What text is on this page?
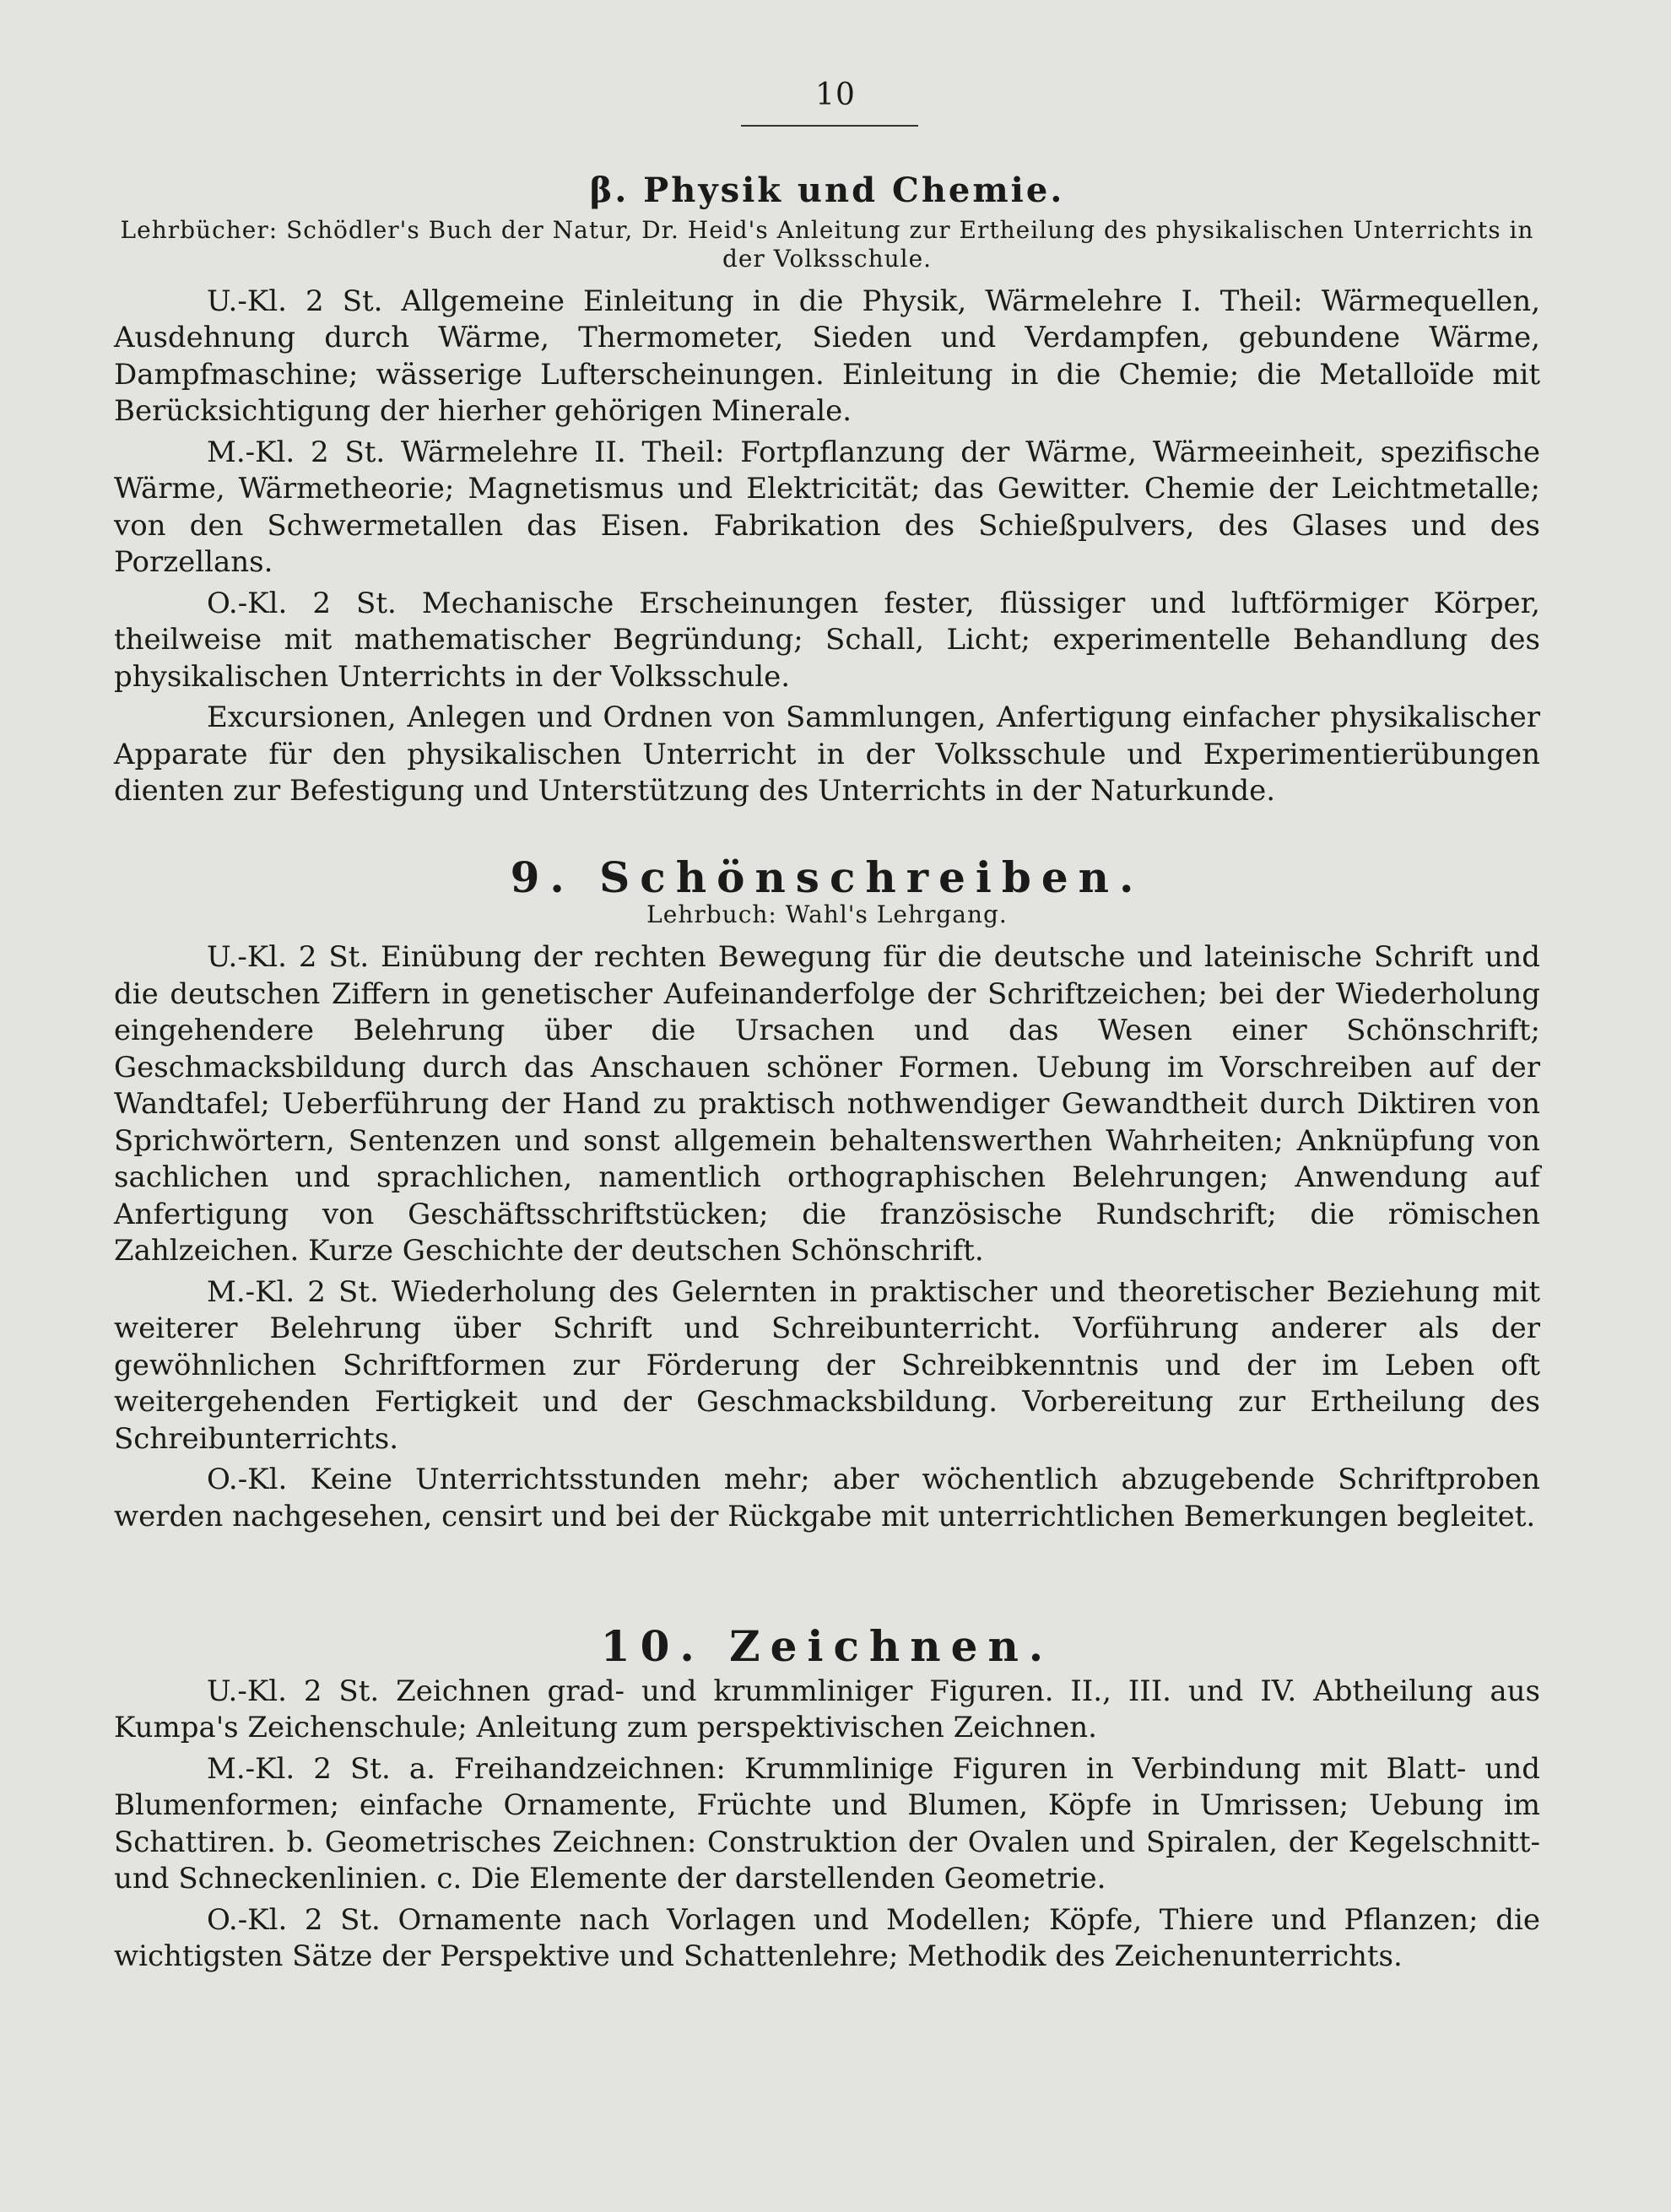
10
β. Physik und Chemie.
Lehrbücher: Schödler's Buch der Natur, Dr. Heid's Anleitung zur Ertheilung des physikalischen Unterrichts in der Volksschule.

U.-Kl. 2 St. Allgemeine Einleitung in die Physik, Wärmelehre I. Theil: Wärmequellen, Ausdehnung durch Wärme, Thermometer, Sieden und Verdampfen, gebundene Wärme, Dampfmaschine; wässerige Lufterscheinungen. Einleitung in die Chemie; die Metalloïde mit Berücksichtigung der hierher gehörigen Minerale.

M.-Kl. 2 St. Wärmelehre II. Theil: Fortpflanzung der Wärme, Wärmeeinheit, spezifische Wärme, Wärmetheorie; Magnetismus und Elektricität; das Gewitter. Chemie der Leichtmetalle; von den Schwermetallen das Eisen. Fabrikation des Schießpulvers, des Glases und des Porzellans.

O.-Kl. 2 St. Mechanische Erscheinungen fester, flüssiger und luftförmiger Körper, theilweise mit mathematischer Begründung; Schall, Licht; experimentelle Behandlung des physikalischen Unterrichts in der Volksschule.

Excursionen, Anlegen und Ordnen von Sammlungen, Anfertigung einfacher physikalischer Apparate für den physikalischen Unterricht in der Volksschule und Experimentierübungen dienten zur Befestigung und Unterstützung des Unterrichts in der Naturkunde.

9. Schönschreiben.
Lehrbuch: Wahl's Lehrgang.

U.-Kl. 2 St. Einübung der rechten Bewegung für die deutsche und lateinische Schrift und die deutschen Ziffern in genetischer Aufeinanderfolge der Schriftzeichen; bei der Wiederholung eingehendere Belehrung über die Ursachen und das Wesen einer Schönschrift; Geschmacksbildung durch das Anschauen schöner Formen. Uebung im Vorschreiben auf der Wandtafel; Ueberführung der Hand zu praktisch nothwendiger Gewandtheit durch Diktiren von Sprichwörtern, Sentenzen und sonst allgemein behaltenswerthen Wahrheiten; Anknüpfung von sachlichen und sprachlichen, namentlich orthographischen Belehrungen; Anwendung auf Anfertigung von Geschäftsschriftstücken; die französische Rundschrift; die römischen Zahlzeichen. Kurze Geschichte der deutschen Schönschrift.

M.-Kl. 2 St. Wiederholung des Gelernten in praktischer und theoretischer Beziehung mit weiterer Belehrung über Schrift und Schreibunterricht. Vorführung anderer als der gewöhnlichen Schriftformen zur Förderung der Schreibkenntnis und der im Leben oft weitergehenden Fertigkeit und der Geschmacksbildung. Vorbereitung zur Ertheilung des Schreibunterrichts.

O.-Kl. Keine Unterrichtsstunden mehr; aber wöchentlich abzugebende Schriftproben werden nachgesehen, censirt und bei der Rückgabe mit unterrichtlichen Bemerkungen begleitet.

10. Zeichnen.

U.-Kl. 2 St. Zeichnen grad- und krummliniger Figuren. II., III. und IV. Abtheilung aus Kumpa's Zeichenschule; Anleitung zum perspektivischen Zeichnen.

M.-Kl. 2 St. a. Freihandzeichnen: Krummlinige Figuren in Verbindung mit Blatt- und Blumenformen; einfache Ornamente, Früchte und Blumen, Köpfe in Umrissen; Uebung im Schattiren. b. Geometrisches Zeichnen: Construktion der Ovalen und Spiralen, der Kegelschnitt- und Schneckenlinien. c. Die Elemente der darstellenden Geometrie.

O.-Kl. 2 St. Ornamente nach Vorlagen und Modellen; Köpfe, Thiere und Pflanzen; die wichtigsten Sätze der Perspektive und Schattenlehre; Methodik des Zeichenunterrichts.
